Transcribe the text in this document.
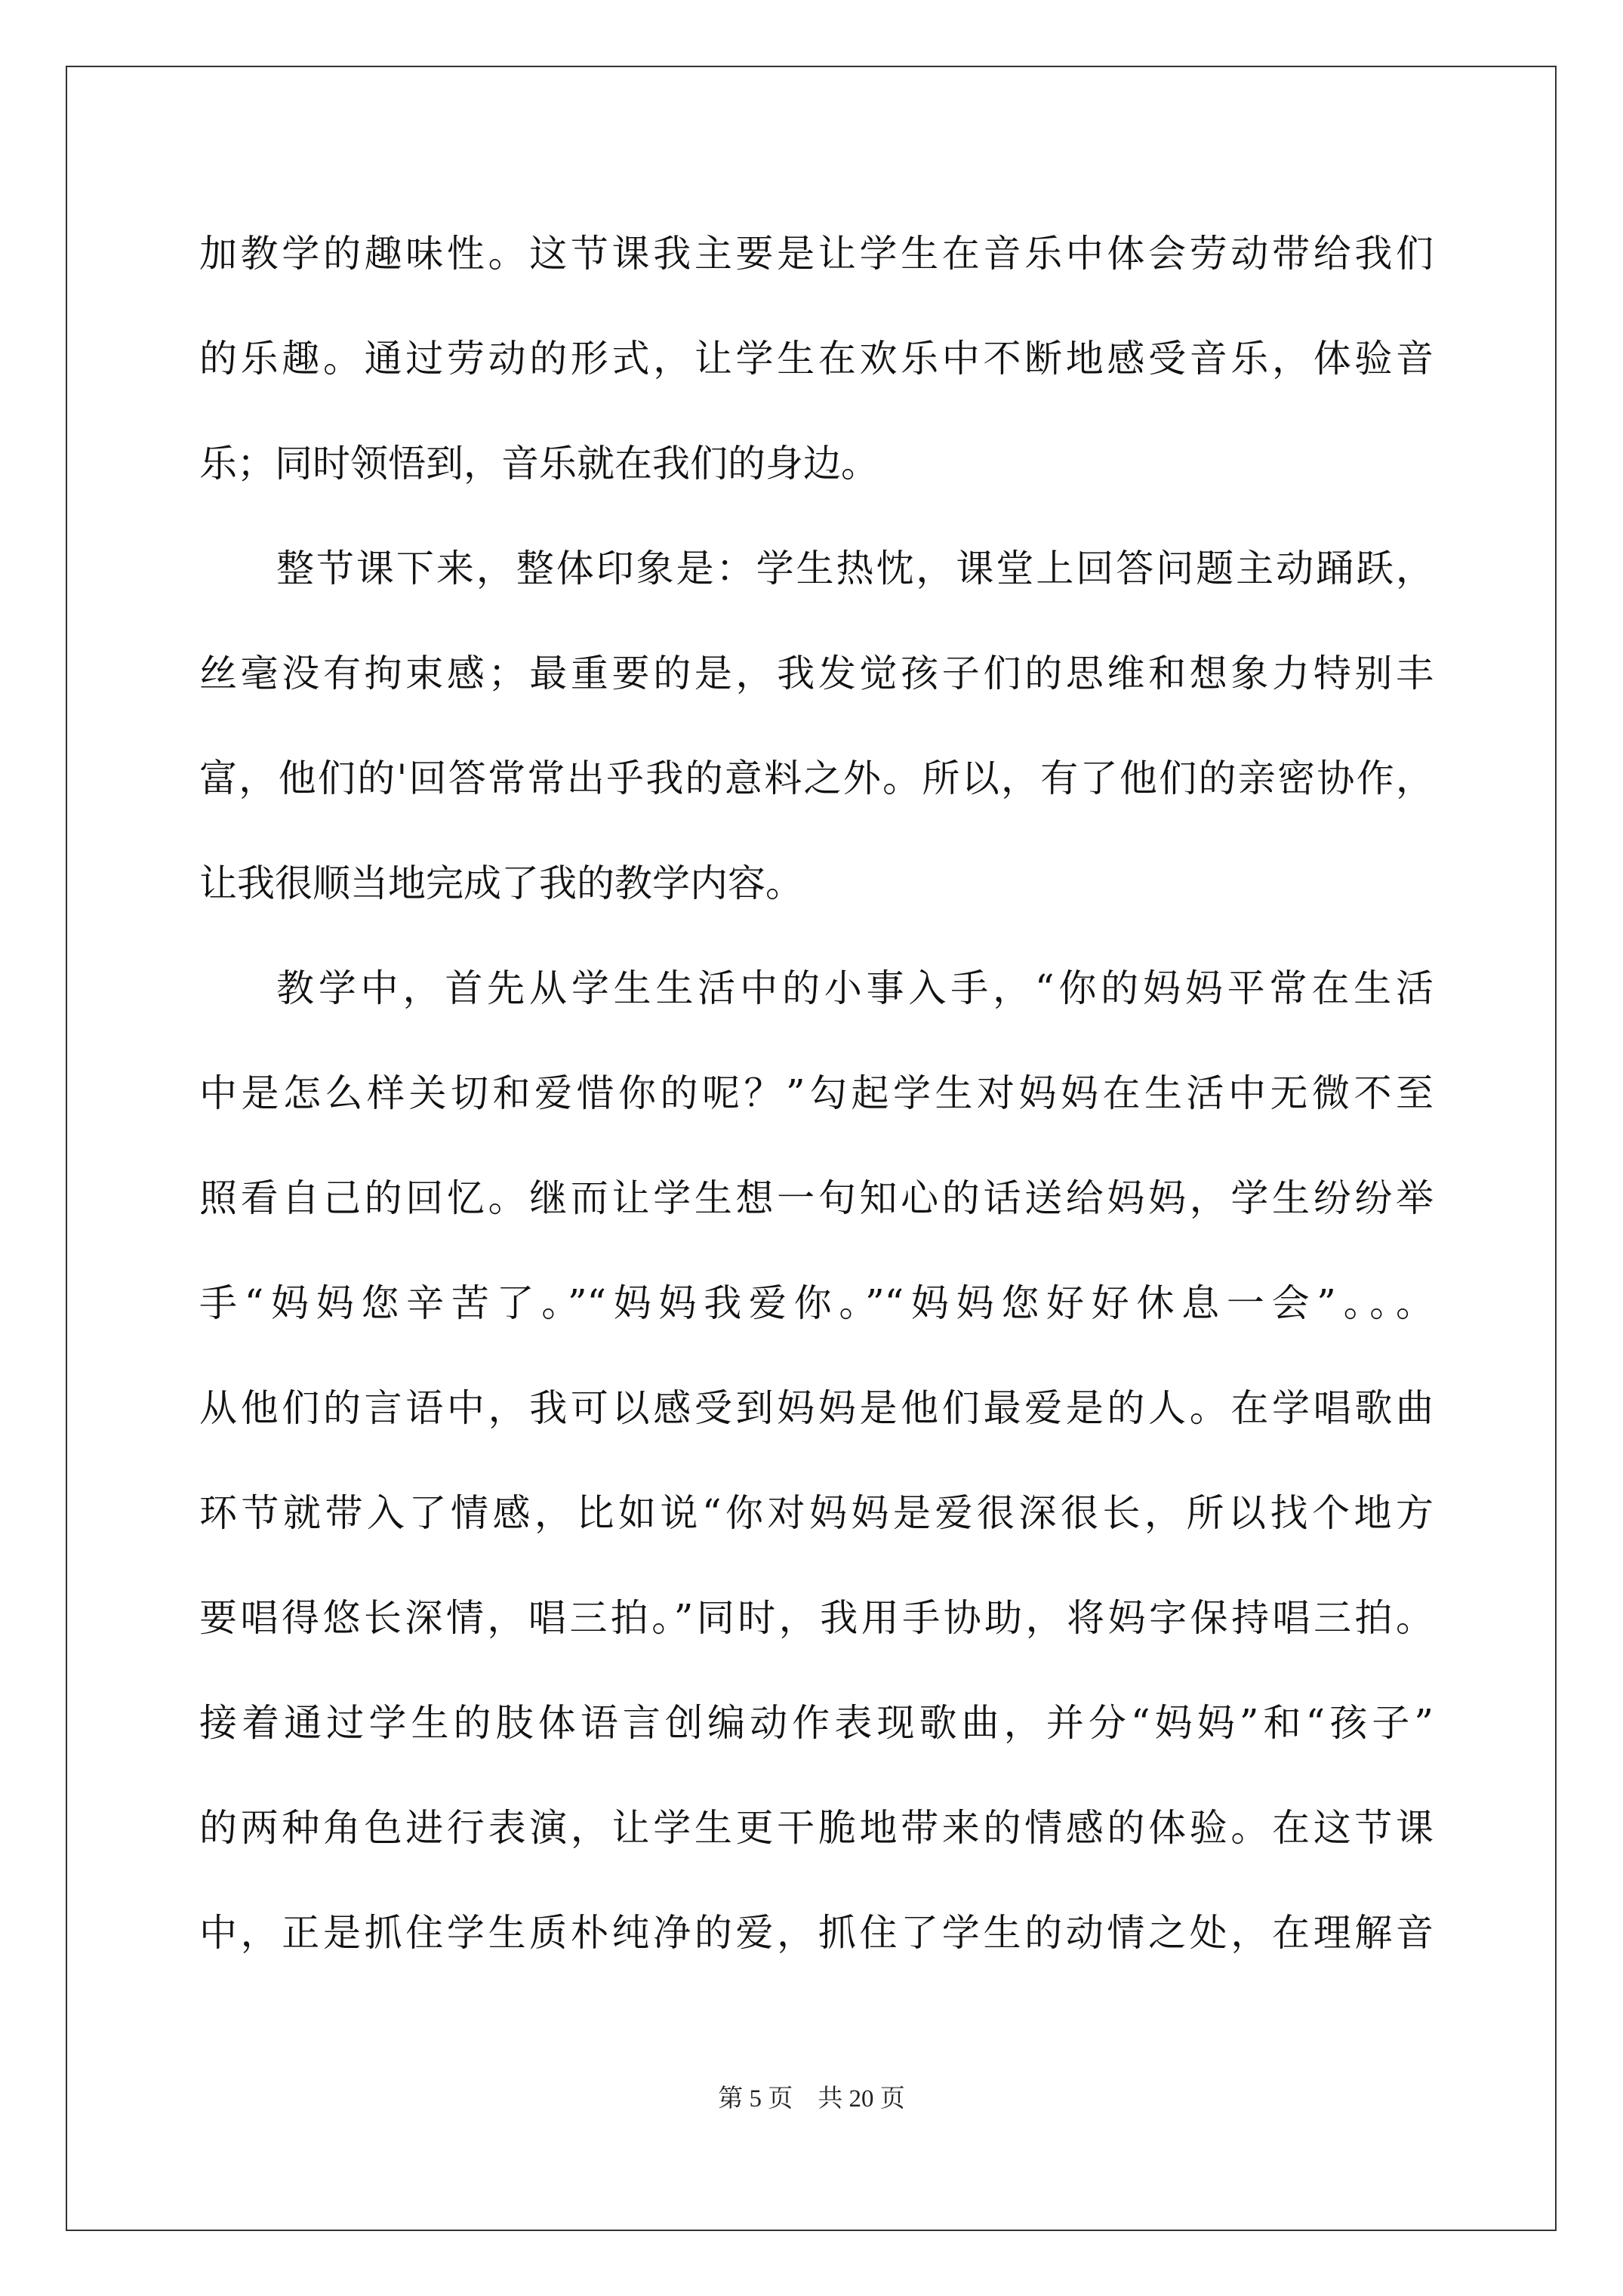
加教学的趣味性。这节课我主要是让学生在音乐中体会劳动带给我们
的乐趣。通过劳动的形式，让学生在欢乐中不断地感受音乐，体验音
乐；同时领悟到，音乐就在我们的身边。
整节课下来，整体印象是：学生热忱，课堂上回答问题主动踊跃，
丝毫没有拘束感；最重要的是，我发觉孩子们的思维和想象力特别丰
富，他们的'回答常常出乎我的意料之外。所以，有了他们的亲密协作，
让我很顺当地完成了我的教学内容。
教学中，首先从学生生活中的小事入手，“你的妈妈平常在生活
中是怎么样关切和爱惜你的呢？”勾起学生对妈妈在生活中无微不至
照看自己的回忆。继而让学生想一句知心的话送给妈妈，学生纷纷举
手“妈妈您辛苦了。”“妈妈我爱你。”“妈妈您好好休息一会”。。。
从他们的言语中，我可以感受到妈妈是他们最爱是的人。在学唱歌曲
环节就带入了情感，比如说“你对妈妈是爱很深很长，所以找个地方
要唱得悠长深情，唱三拍。”同时，我用手协助，将妈字保持唱三拍。
接着通过学生的肢体语言创编动作表现歌曲，并分“妈妈”和“孩子”
的两种角色进行表演，让学生更干脆地带来的情感的体验。在这节课
中，正是抓住学生质朴纯净的爱，抓住了学生的动情之处，在理解音
第 5 页　共 20 页
